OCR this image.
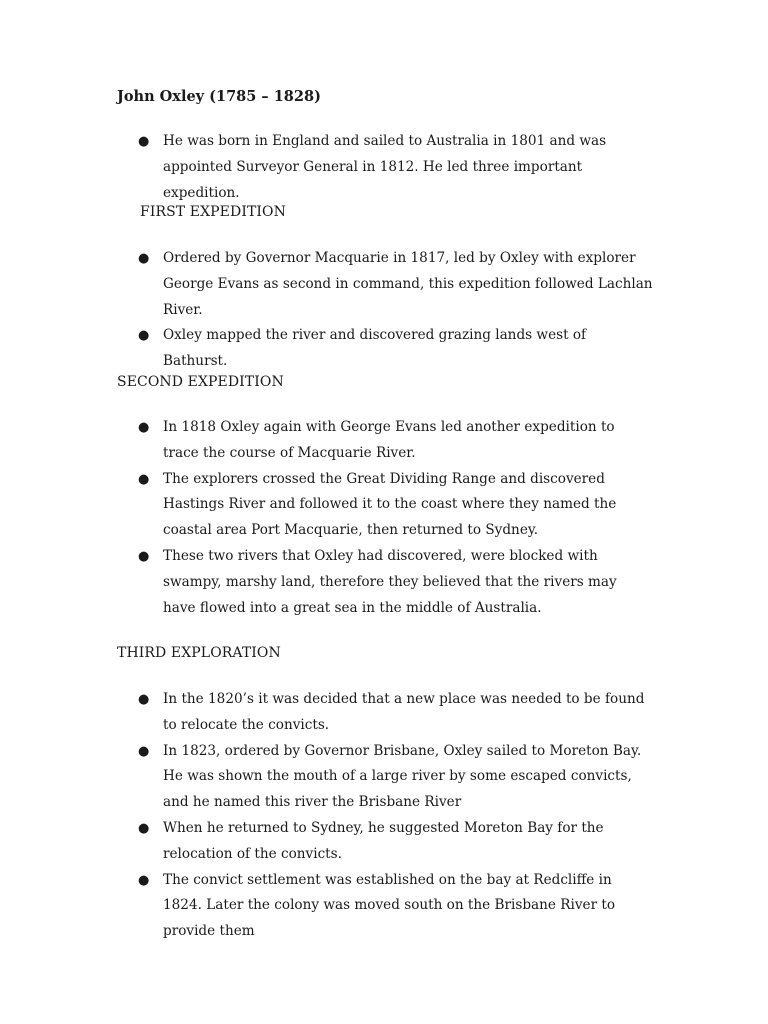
John Oxley (1785 – 1828)
● He was born in England and sailed to Australia in 1801 and was appointed Surveyor General in 1812. He led three important expedition.
FIRST EXPEDITION
● Ordered by Governor Macquarie in 1817, led by Oxley with explorer George Evans as second in command, this expedition followed Lachlan River.
● Oxley mapped the river and discovered grazing lands west of Bathurst.
SECOND EXPEDITION
● In 1818 Oxley again with George Evans led another expedition to trace the course of Macquarie River.
● The explorers crossed the Great Dividing Range and discovered Hastings River and followed it to the coast where they named the coastal area Port Macquarie, then returned to Sydney.
● These two rivers that Oxley had discovered, were blocked with swampy, marshy land, therefore they believed that the rivers may have flowed into a great sea in the middle of Australia.
THIRD EXPLORATION
● In the 1820’s it was decided that a new place was needed to be found to relocate the convicts.
● In 1823, ordered by Governor Brisbane, Oxley sailed to Moreton Bay. He was shown the mouth of a large river by some escaped convicts, and he named this river the Brisbane River
● When he returned to Sydney, he suggested Moreton Bay for the relocation of the convicts.
● The convict settlement was established on the bay at Redcliffe in 1824. Later the colony was moved south on the Brisbane River to provide them
